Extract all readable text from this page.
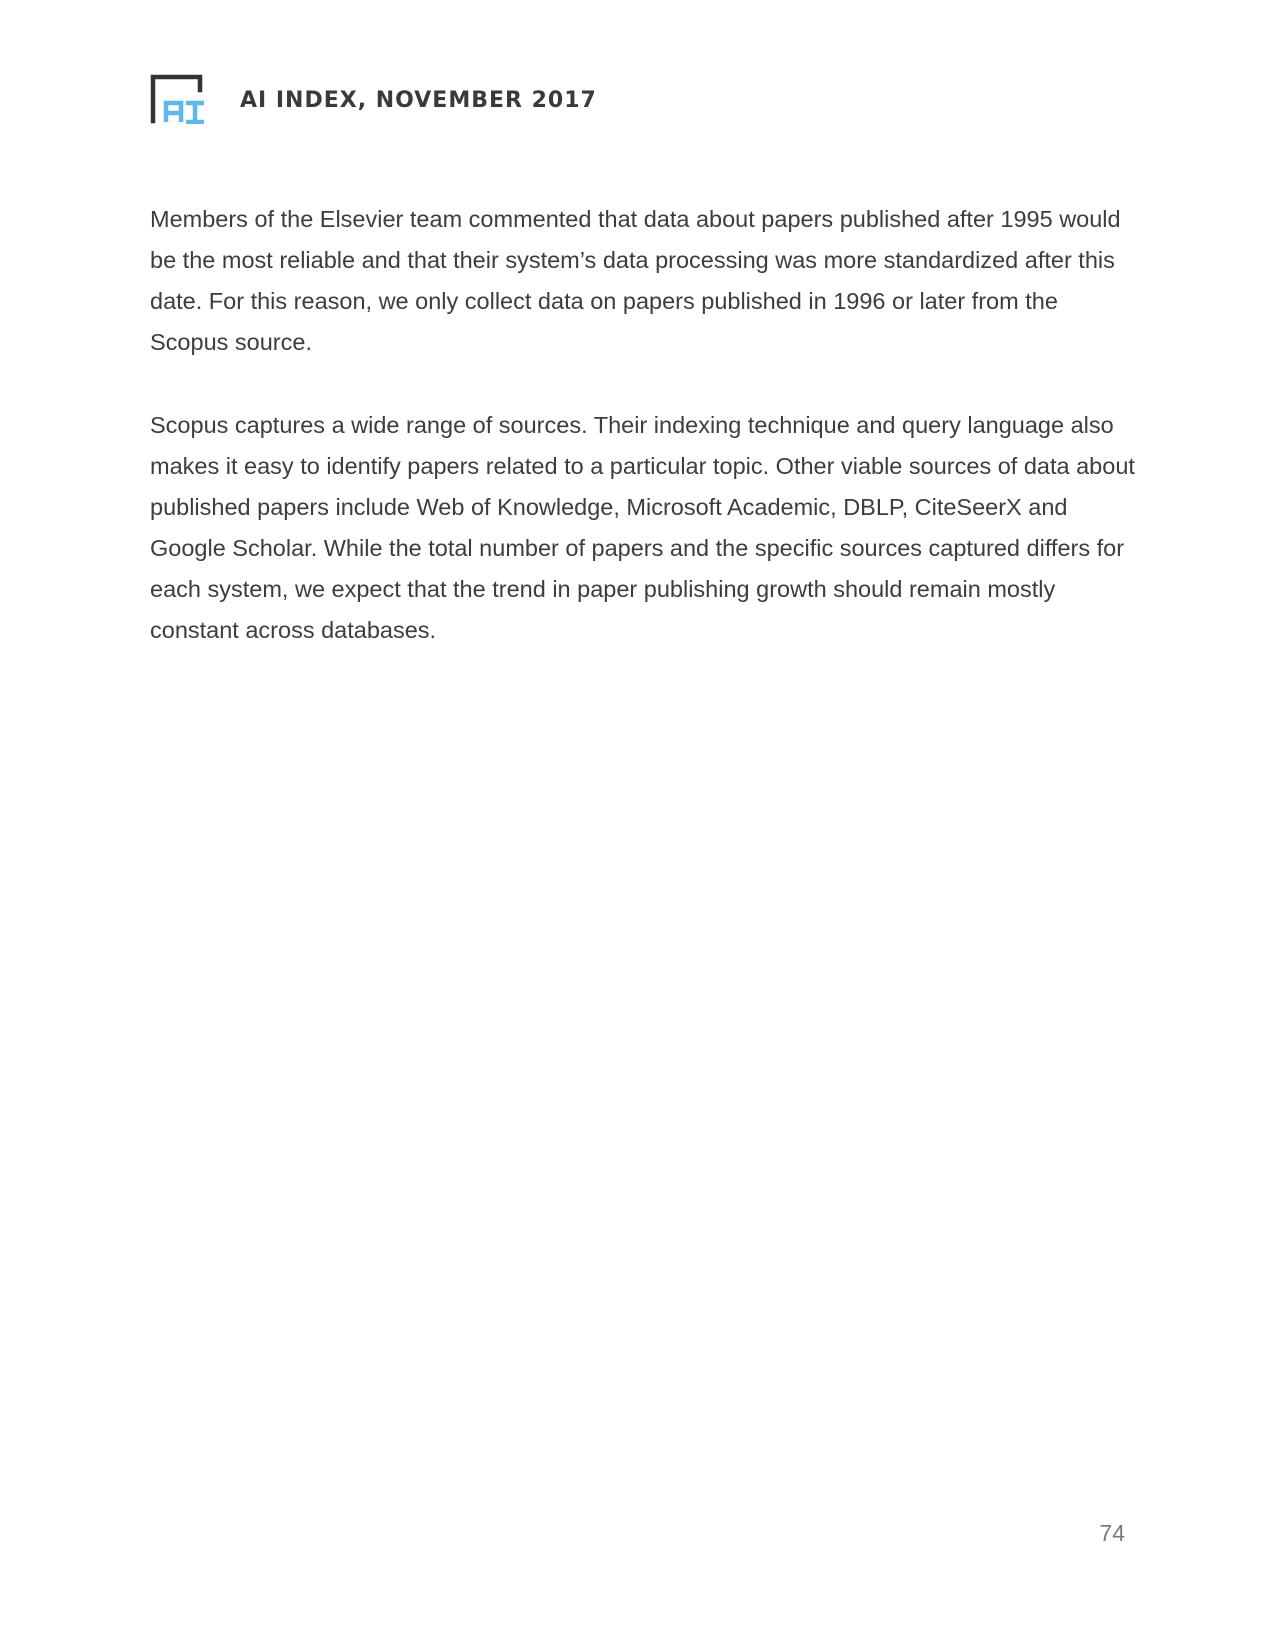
AI INDEX, NOVEMBER 2017

Members of the Elsevier team commented that data about papers published after 1995 would be the most reliable and that their system’s data processing was more standardized after this date. For this reason, we only collect data on papers published in 1996 or later from the Scopus source.

Scopus captures a wide range of sources. Their indexing technique and query language also makes it easy to identify papers related to a particular topic. Other viable sources of data about published papers include Web of Knowledge, Microsoft Academic, DBLP, CiteSeerX and Google Scholar. While the total number of papers and the specific sources captured differs for each system, we expect that the trend in paper publishing growth should remain mostly constant across databases.

74
